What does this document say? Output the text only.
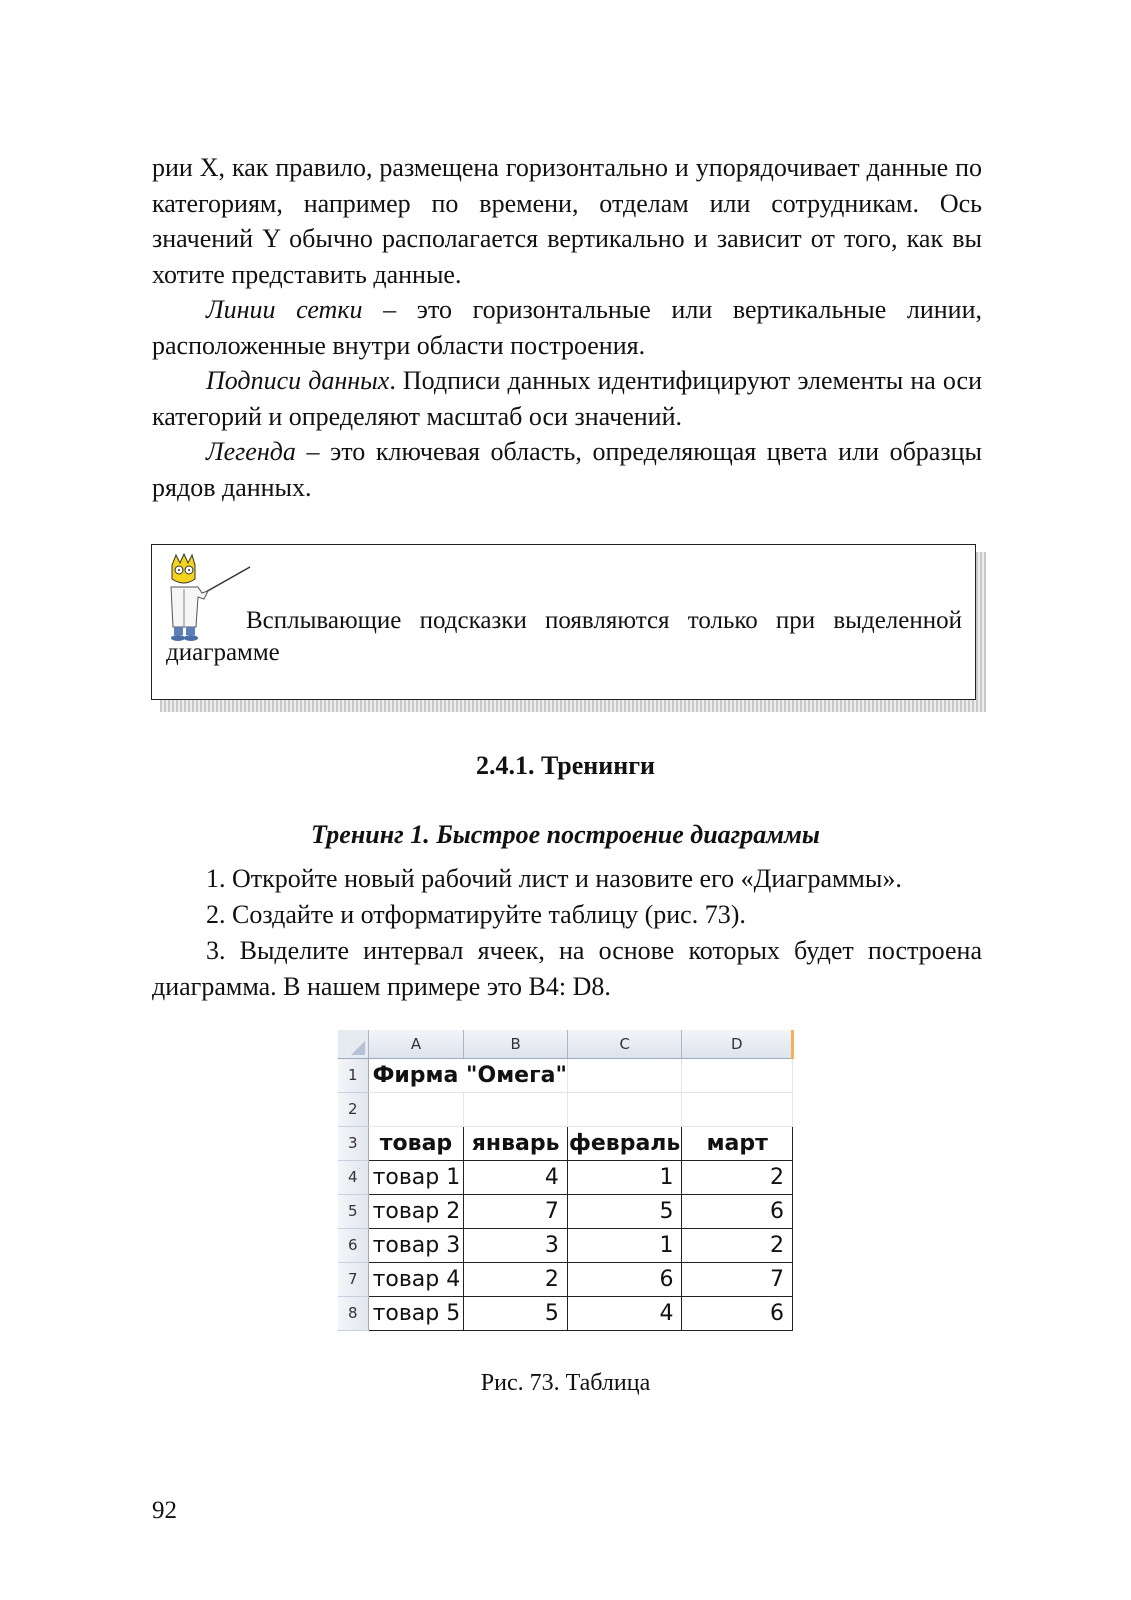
рии X, как правило, размещена горизонтально и упорядочивает данные по категориям, например по времени, отделам или сотрудникам. Ось значений Y обычно располагается вертикально и зависит от того, как вы хотите представить данные.
Линии сетки – это горизонтальные или вертикальные линии, расположенные внутри области построения.
Подписи данных. Подписи данных идентифицируют элементы на оси категорий и определяют масштаб оси значений.
Легенда – это ключевая область, определяющая цвета или образцы рядов данных.
Всплывающие подсказки появляются только при выделенной диаграмме
2.4.1. Тренинги
Тренинг 1. Быстрое построение диаграммы
1. Откройте новый рабочий лист и назовите его «Диаграммы».
2. Создайте и отформатируйте таблицу (рис. 73).
3. Выделите интервал ячеек, на основе которых будет построена диаграмма. В нашем примере это B4: D8.
	A	B	C	D
1	Фирма "Омега"			
2				
3	товар	январь	февраль	март
4	товар 1	4	1	2
5	товар 2	7	5	6
6	товар 3	3	1	2
7	товар 4	2	6	7
8	товар 5	5	4	6
Рис. 73. Таблица
92
